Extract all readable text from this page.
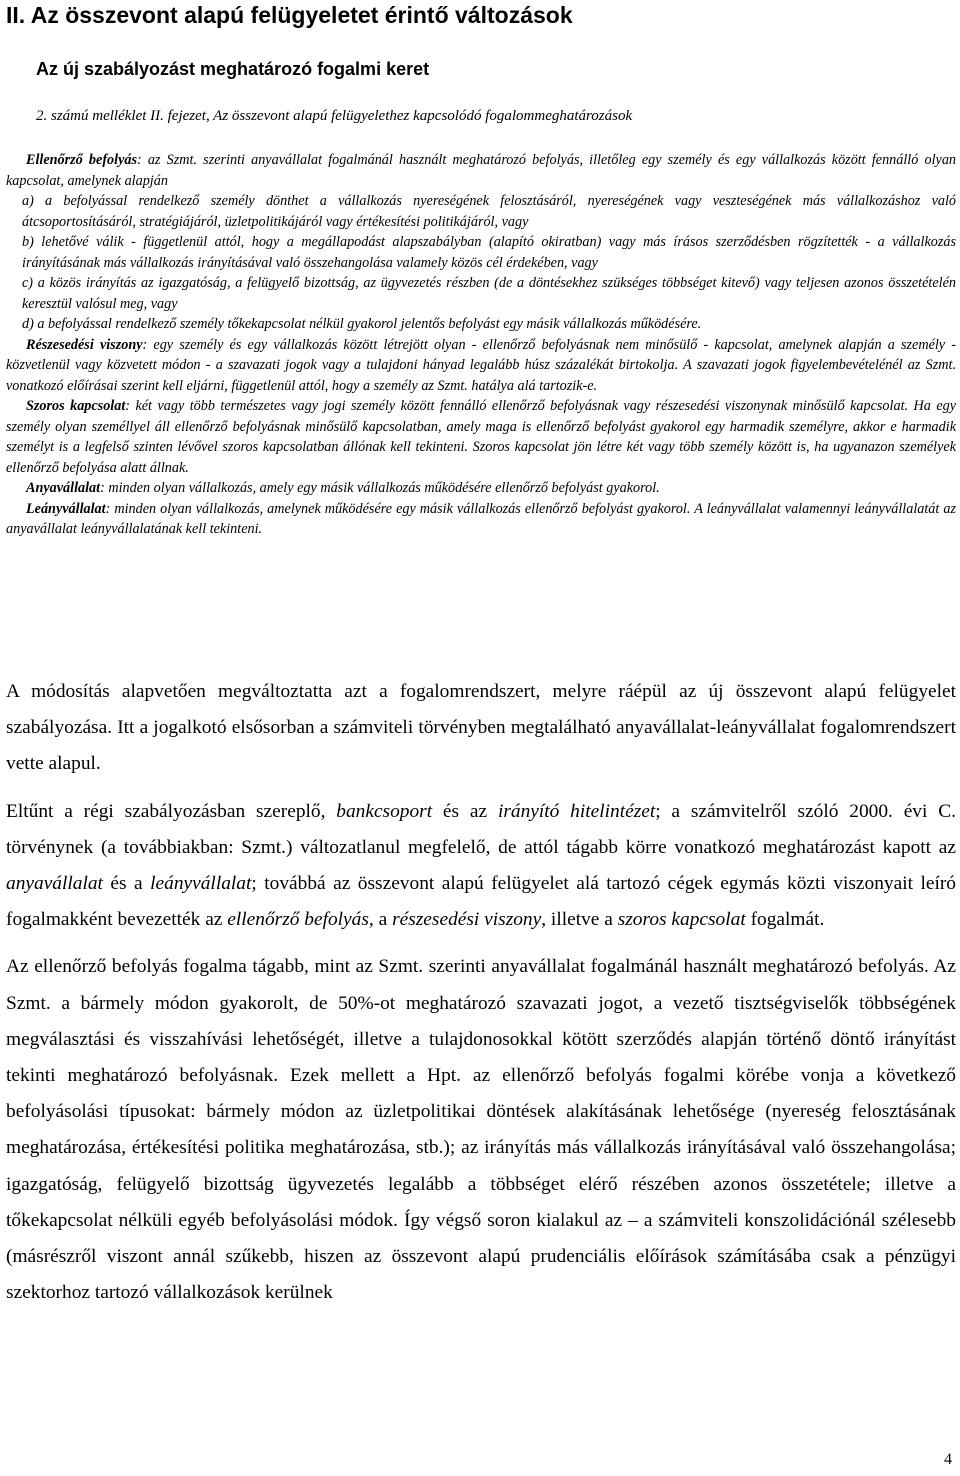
II. Az összevont alapú felügyeletet érintő változások
Az új szabályozást meghatározó fogalmi keret

2. számú melléklet II. fejezet, Az összevont alapú felügyelethez kapcsolódó fogalommeghatározások

Ellenőrző befolyás: az Szmt. szerinti anyavállalat fogalmánál használt meghatározó befolyás, illetőleg egy személy és egy vállalkozás között fennálló olyan kapcsolat, amelynek alapján

a) a befolyással rendelkező személy dönthet a vállalkozás nyereségének felosztásáról, nyereségének vagy veszteségének más vállalkozáshoz való átcsoportosításáról, stratégiájáról, üzletpolitikájáról vagy értékesítési politikájáról, vagy

b) lehetővé válik - függetlenül attól, hogy a megállapodást alapszabályban (alapító okiratban) vagy más írásos szerződésben rögzítették - a vállalkozás irányításának más vállalkozás irányításával való összehangolása valamely közös cél érdekében, vagy

c) a közös irányítás az igazgatóság, a felügyelő bizottság, az ügyvezetés részben (de a döntésekhez szükséges többséget kitevő) vagy teljesen azonos összetételén keresztül valósul meg, vagy

d) a befolyással rendelkező személy tőkekapcsolat nélkül gyakorol jelentős befolyást egy másik vállalkozás működésére.

Részesedési viszony: egy személy és egy vállalkozás között létrejött olyan - ellenőrző befolyásnak nem minősülő - kapcsolat, amelynek alapján a személy - közvetlenül vagy közvetett módon - a szavazati jogok vagy a tulajdoni hányad legalább húsz százalékát birtokolja. A szavazati jogok figyelembevételénél az Szmt. vonatkozó előírásai szerint kell eljárni, függetlenül attól, hogy a személy az Szmt. hatálya alá tartozik-e.

Szoros kapcsolat: két vagy több természetes vagy jogi személy között fennálló ellenőrző befolyásnak vagy részesedési viszonynak minősülő kapcsolat. Ha egy személy olyan személlyel áll ellenőrző befolyásnak minősülő kapcsolatban, amely maga is ellenőrző befolyást gyakorol egy harmadik személyre, akkor e harmadik személyt is a legfelső szinten lévővel szoros kapcsolatban állónak kell tekinteni. Szoros kapcsolat jön létre két vagy több személy között is, ha ugyanazon személyek ellenőrző befolyása alatt állnak.

Anyavállalat: minden olyan vállalkozás, amely egy másik vállalkozás működésére ellenőrző befolyást gyakorol.

Leányvállalat: minden olyan vállalkozás, amelynek működésére egy másik vállalkozás ellenőrző befolyást gyakorol. A leányvállalat valamennyi leányvállalatát az anyavállalat leányvállalatának kell tekinteni.

A módosítás alapvetően megváltoztatta azt a fogalomrendszert, melyre ráépül az új összevont alapú felügyelet szabályozása. Itt a jogalkotó elsősorban a számviteli törvényben megtalálható anyavállalat-leányvállalat fogalomrendszert vette alapul.

Eltűnt a régi szabályozásban szereplő, bankcsoport és az irányító hitelintézet; a számvitelről szóló 2000. évi C. törvénynek (a továbbiakban: Szmt.) változatlanul megfelelő, de attól tágabb körre vonatkozó meghatározást kapott az anyavállalat és a leányvállalat; továbbá az összevont alapú felügyelet alá tartozó cégek egymás közti viszonyait leíró fogalmakként bevezették az ellenőrző befolyás, a részesedési viszony, illetve a szoros kapcsolat fogalmát.

Az ellenőrző befolyás fogalma tágabb, mint az Szmt. szerinti anyavállalat fogalmánál használt meghatározó befolyás. Az Szmt. a bármely módon gyakorolt, de 50%-ot meghatározó szavazati jogot, a vezető tisztségviselők többségének megválasztási és visszahívási lehetőségét, illetve a tulajdonosokkal kötött szerződés alapján történő döntő irányítást tekinti meghatározó befolyásnak. Ezek mellett a Hpt. az ellenőrző befolyás fogalmi körébe vonja a következő befolyásolási típusokat: bármely módon az üzletpolitikai döntések alakításának lehetősége (nyereség felosztásának meghatározása, értékesítési politika meghatározása, stb.); az irányítás más vállalkozás irányításával való összehangolása; igazgatóság, felügyelő bizottság ügyvezetés legalább a többséget elérő részében azonos összetétele; illetve a tőkekapcsolat nélküli egyéb befolyásolási módok. Így végső soron kialakul az – a számviteli konszolidációnál szélesebb (másrészről viszont annál szűkebb, hiszen az összevont alapú prudenciális előírások számításába csak a pénzügyi szektorhoz tartozó vállalkozások kerülnek

4
